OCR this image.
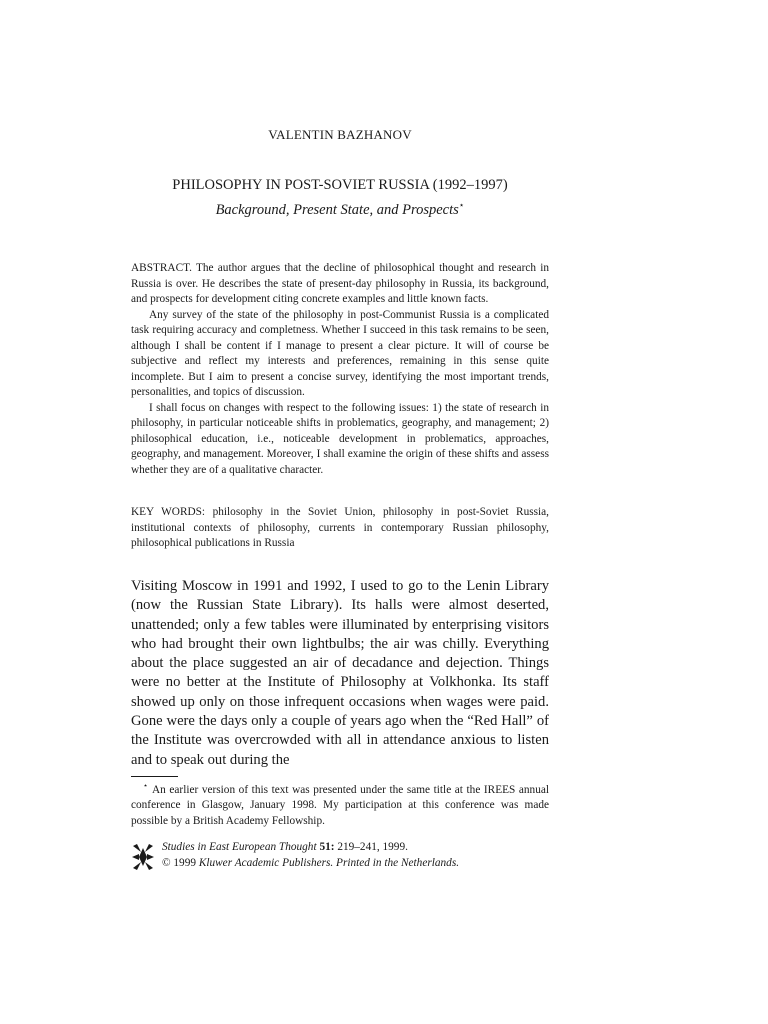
VALENTIN BAZHANOV
PHILOSOPHY IN POST-SOVIET RUSSIA (1992–1997)
Background, Present State, and Prospects⋆

ABSTRACT. The author argues that the decline of philosophical thought and research in Russia is over. He describes the state of present-day philosophy in Russia, its background, and prospects for development citing concrete examples and little known facts.

Any survey of the state of the philosophy in post-Communist Russia is a complicated task requiring accuracy and completness. Whether I succeed in this task remains to be seen, although I shall be content if I manage to present a clear picture. It will of course be subjective and reflect my interests and preferences, remaining in this sense quite incomplete. But I aim to present a concise survey, identifying the most important trends, personalities, and topics of discussion.

I shall focus on changes with respect to the following issues: 1) the state of research in philosophy, in particular noticeable shifts in problematics, geography, and management; 2) philosophical education, i.e., noticeable development in problematics, approaches, geography, and management. Moreover, I shall examine the origin of these shifts and assess whether they are of a qualitative character.

KEY WORDS: philosophy in the Soviet Union, philosophy in post-Soviet Russia, institutional contexts of philosophy, currents in contemporary Russian philosophy, philosophical publications in Russia

Visiting Moscow in 1991 and 1992, I used to go to the Lenin Library (now the Russian State Library). Its halls were almost deserted, unattended; only a few tables were illuminated by enterprising visitors who had brought their own lightbulbs; the air was chilly. Everything about the place suggested an air of decadance and dejection. Things were no better at the Institute of Philosophy at Volkhonka. Its staff showed up only on those infrequent occasions when wages were paid. Gone were the days only a couple of years ago when the “Red Hall” of the Institute was overcrowded with all in attendance anxious to listen and to speak out during the

⋆ An earlier version of this text was presented under the same title at the IREES annual conference in Glasgow, January 1998. My participation at this conference was made possible by a British Academy Fellowship.
Studies in East European Thought 51: 219–241, 1999.
© 1999 Kluwer Academic Publishers. Printed in the Netherlands.
